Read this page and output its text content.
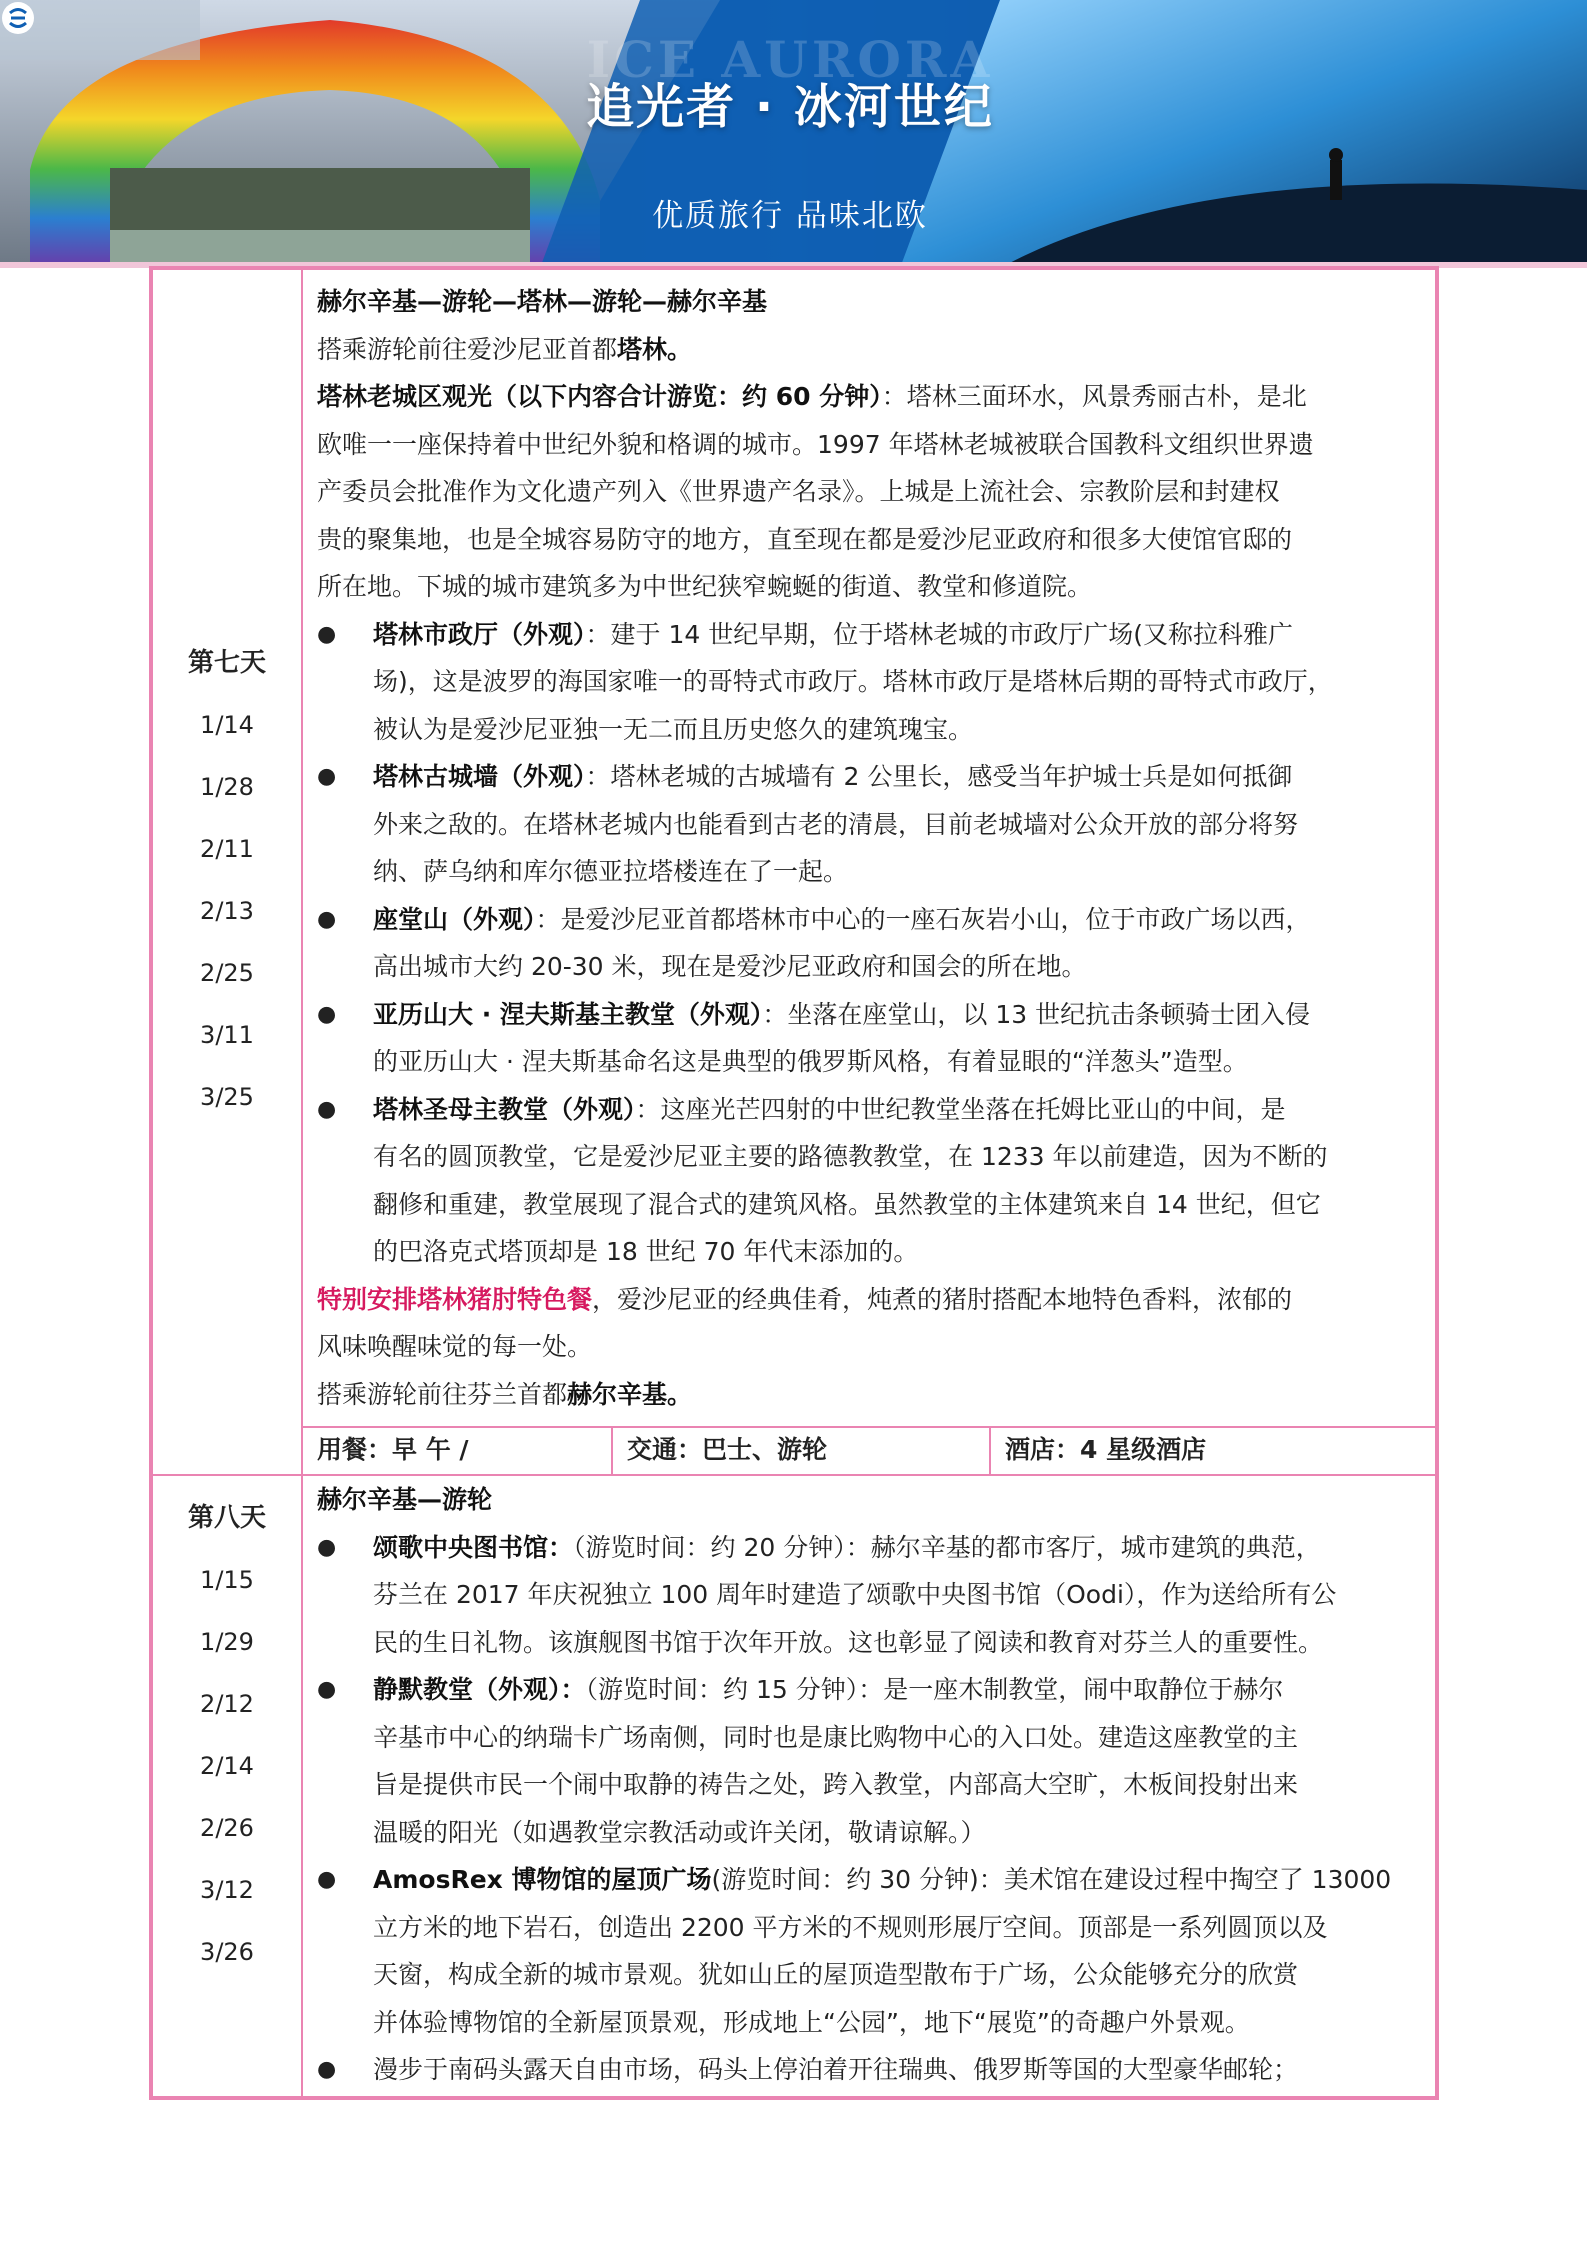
ICE AURORA
追光者 · 冰河世纪
优质旅行 品味北欧
第七天
1/14
1/28
2/11
2/13
2/25
3/11
3/25
赫尔辛基—游轮—塔林—游轮—赫尔辛基
搭乘游轮前往爱沙尼亚首都塔林。
塔林老城区观光（以下内容合计游览：约 60 分钟）：塔林三面环水，风景秀丽古朴，是北
欧唯一一座保持着中世纪外貌和格调的城市。1997 年塔林老城被联合国教科文组织世界遗
产委员会批准作为文化遗产列入《世界遗产名录》。上城是上流社会、宗教阶层和封建权
贵的聚集地，也是全城容易防守的地方，直至现在都是爱沙尼亚政府和很多大使馆官邸的
所在地。下城的城市建筑多为中世纪狭窄蜿蜒的街道、教堂和修道院。
● 塔林市政厅（外观）：建于 14 世纪早期，位于塔林老城的市政厅广场(又称拉科雅广
场)，这是波罗的海国家唯一的哥特式市政厅。塔林市政厅是塔林后期的哥特式市政厅，
被认为是爱沙尼亚独一无二而且历史悠久的建筑瑰宝。
● 塔林古城墙（外观）：塔林老城的古城墙有 2 公里长，感受当年护城士兵是如何抵御
外来之敌的。在塔林老城内也能看到古老的清晨，目前老城墙对公众开放的部分将努
纳、萨乌纳和库尔德亚拉塔楼连在了一起。
● 座堂山（外观）：是爱沙尼亚首都塔林市中心的一座石灰岩小山，位于市政广场以西，
高出城市大约 20-30 米，现在是爱沙尼亚政府和国会的所在地。
● 亚历山大 · 涅夫斯基主教堂（外观）：坐落在座堂山，以 13 世纪抗击条顿骑士团入侵
的亚历山大 · 涅夫斯基命名这是典型的俄罗斯风格，有着显眼的“洋葱头”造型。
● 塔林圣母主教堂（外观）：这座光芒四射的中世纪教堂坐落在托姆比亚山的中间，是
有名的圆顶教堂，它是爱沙尼亚主要的路德教教堂，在 1233 年以前建造，因为不断的
翻修和重建，教堂展现了混合式的建筑风格。虽然教堂的主体建筑来自 14 世纪，但它
的巴洛克式塔顶却是 18 世纪 70 年代末添加的。
特别安排塔林猪肘特色餐，爱沙尼亚的经典佳肴，炖煮的猪肘搭配本地特色香料，浓郁的
风味唤醒味觉的每一处。
搭乘游轮前往芬兰首都赫尔辛基。
用餐：早 午 /	交通：巴士、游轮	酒店：4 星级酒店
第八天
1/15
1/29
2/12
2/14
2/26
3/12
3/26
赫尔辛基—游轮
● 颂歌中央图书馆：（游览时间：约 20 分钟）：赫尔辛基的都市客厅，城市建筑的典范，
芬兰在 2017 年庆祝独立 100 周年时建造了颂歌中央图书馆（Oodi），作为送给所有公
民的生日礼物。该旗舰图书馆于次年开放。这也彰显了阅读和教育对芬兰人的重要性。
● 静默教堂（外观）：（游览时间：约 15 分钟）：是一座木制教堂，闹中取静位于赫尔
辛基市中心的纳瑞卡广场南侧，同时也是康比购物中心的入口处。建造这座教堂的主
旨是提供市民一个闹中取静的祷告之处，跨入教堂，内部高大空旷，木板间投射出来
温暖的阳光（如遇教堂宗教活动或许关闭，敬请谅解。）
● AmosRex 博物馆的屋顶广场(游览时间：约 30 分钟)：美术馆在建设过程中掏空了 13000
立方米的地下岩石，创造出 2200 平方米的不规则形展厅空间。顶部是一系列圆顶以及
天窗，构成全新的城市景观。犹如山丘的屋顶造型散布于广场，公众能够充分的欣赏
并体验博物馆的全新屋顶景观，形成地上“公园”，地下“展览”的奇趣户外景观。
● 漫步于南码头露天自由市场，码头上停泊着开往瑞典、俄罗斯等国的大型豪华邮轮；
